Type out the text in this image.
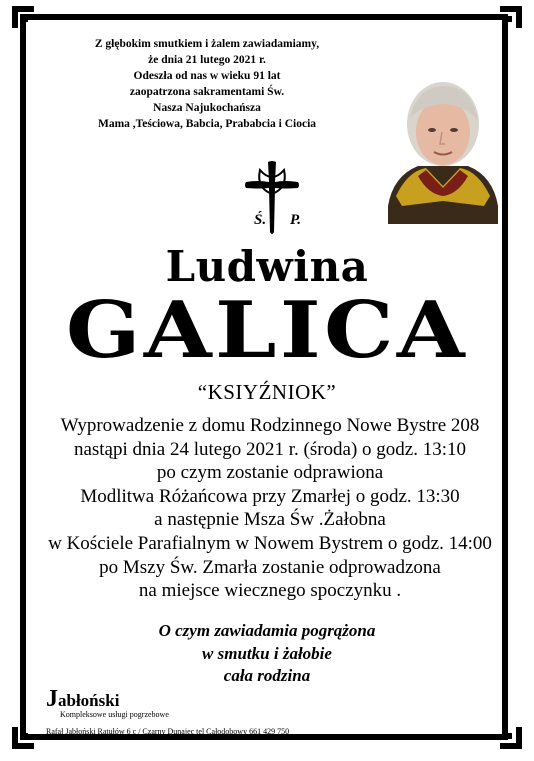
Z głębokim smutkiem i żalem zawiadamiamy,
że dnia 21 lutego 2021 r.
Odeszła od nas w wieku 91 lat
zaopatrzona sakramentami Św.
Nasza Najukochańsza
Mama ,Teściowa, Babcia, Prababcia i Ciocia
Ś. P.
Ludwina
GALICA
“KSIYŹNIOK”
Wyprowadzenie z domu Rodzinnego Nowe Bystre 208
nastąpi dnia 24 lutego 2021 r. (środa) o godz. 13:10
po czym zostanie odprawiona
Modlitwa Różańcowa przy Zmarłej o godz. 13:30
a następnie Msza Św .Żałobna
w Kościele Parafialnym w Nowem Bystrem o godz. 14:00
po Mszy Św. Zmarła zostanie odprowadzona
na miejsce wiecznego spoczynku .
O czym zawiadamia pogrążona
w smutku i żałobie
cała rodzina
Jabłoński
Kompleksowe usługi pogrzebowe
Rafał Jabłoński Ratułów 6 c / Czarny Dunajec tel Całodobowy 661 429 750
